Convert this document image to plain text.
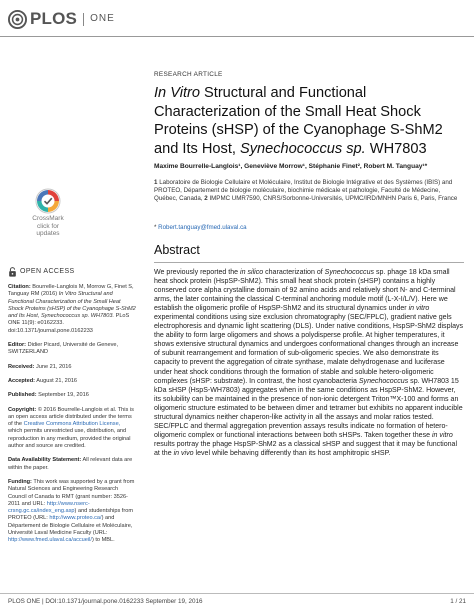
PLOS ONE
CrossMark
click for updates
OPEN ACCESS
Citation: Bourrelle-Langlois M, Morrow G, Finet S, Tanguay RM (2016) In Vitro Structural and Functional Characterization of the Small Heat Shock Proteins (sHSP) of the Cyanophage S-ShM2 and Its Host, Synechococcus sp. WH7803. PLoS ONE 11(9): e0162233. doi:10.1371/journal.pone.0162233
Editor: Didier Picard, Université de Geneve, SWITZERLAND
Received: June 21, 2016
Accepted: August 21, 2016
Published: September 19, 2016
Copyright: © 2016 Bourrelle-Langlois et al. This is an open access article distributed under the terms of the Creative Commons Attribution License, which permits unrestricted use, distribution, and reproduction in any medium, provided the original author and source are credited.
Data Availability Statement: All relevant data are within the paper.
Funding: This work was supported by a grant from Natural Sciences and Engineering Research Council of Canada to RMT (grant number: 3526-2011 and URL: http://www.nserc-crsng.gc.ca/index_eng.asp) and studentships from PROTEO (URL: http://www.proteo.ca/) and Département de Biologie Cellulaire et Moléculaire, Université Laval Medicine Faculty (URL: http://www.fmed.ulaval.ca/accueil/) to MBL.
RESEARCH ARTICLE
In Vitro Structural and Functional Characterization of the Small Heat Shock Proteins (sHSP) of the Cyanophage S-ShM2 and Its Host, Synechococcus sp. WH7803
Maxime Bourrelle-Langlois¹, Geneviève Morrow¹, Stéphanie Finet², Robert M. Tanguay¹*
1 Laboratoire de Biologie Cellulaire et Moléculaire, Institut de Biologie Intégrative et des Systèmes (IBIS) and PROTEO, Département de biologie moléculaire, biochimie médicale et pathologie, Faculté de Médecine, Québec, Canada, 2 IMPMC UMR7590, CNRS/Sorbonne-Universités, UPMC/IRD/MNHN Paris 6, Paris, France
* Robert.tanguay@fmed.ulaval.ca
Abstract
We previously reported the in silico characterization of Synechococcus sp. phage 18 kDa small heat shock protein (HspSP-ShM2). This small heat shock protein (sHSP) contains a highly conserved core alpha crystalline domain of 92 amino acids and relatively short N- and C-terminal arms, the later containing the classical C-terminal anchoring module motif (L-X-I/L/V). Here we establish the oligomeric profile of HspSP-ShM2 and its structural dynamics under in vitro experimental conditions using size exclusion chromatography (SEC/FPLC), gradient native gels electrophoresis and dynamic light scattering (DLS). Under native conditions, HspSP-ShM2 displays the ability to form large oligomers and shows a polydisperse profile. At higher temperatures, it shows extensive structural dynamics and undergoes conformational changes through an increase of subunit rearrangement and formation of sub-oligomeric species. We also demonstrate its capacity to prevent the aggregation of citrate synthase, malate dehydrogenase and luciferase under heat shock conditions through the formation of stable and soluble hetero-oligomeric complexes (sHSP: substrate). In contrast, the host cyanobacteria Synechococcus sp. WH7803 15 kDa sHSP (HspS-WH7803) aggregates when in the same conditions as HspSP-ShM2. However, its solubility can be maintained in the presence of non-ionic detergent Triton™X-100 and forms an oligomeric structure estimated to be between dimer and tetramer but exhibits no apparent inducible structural dynamics neither chaperon-like activity in all the assays and molar ratios tested. SEC/FPLC and thermal aggregation prevention assays results indicate no formation of hetero-oligomeric complex or functional interactions between both sHSPs. Taken together these in vitro results portray the phage HspSP-ShM2 as a classical sHSP and suggest that it may be functional at the in vivo level while behaving differently than its host amphitropic sHSP.
PLOS ONE | DOI:10.1371/journal.pone.0162233 September 19, 2016	1 / 21
